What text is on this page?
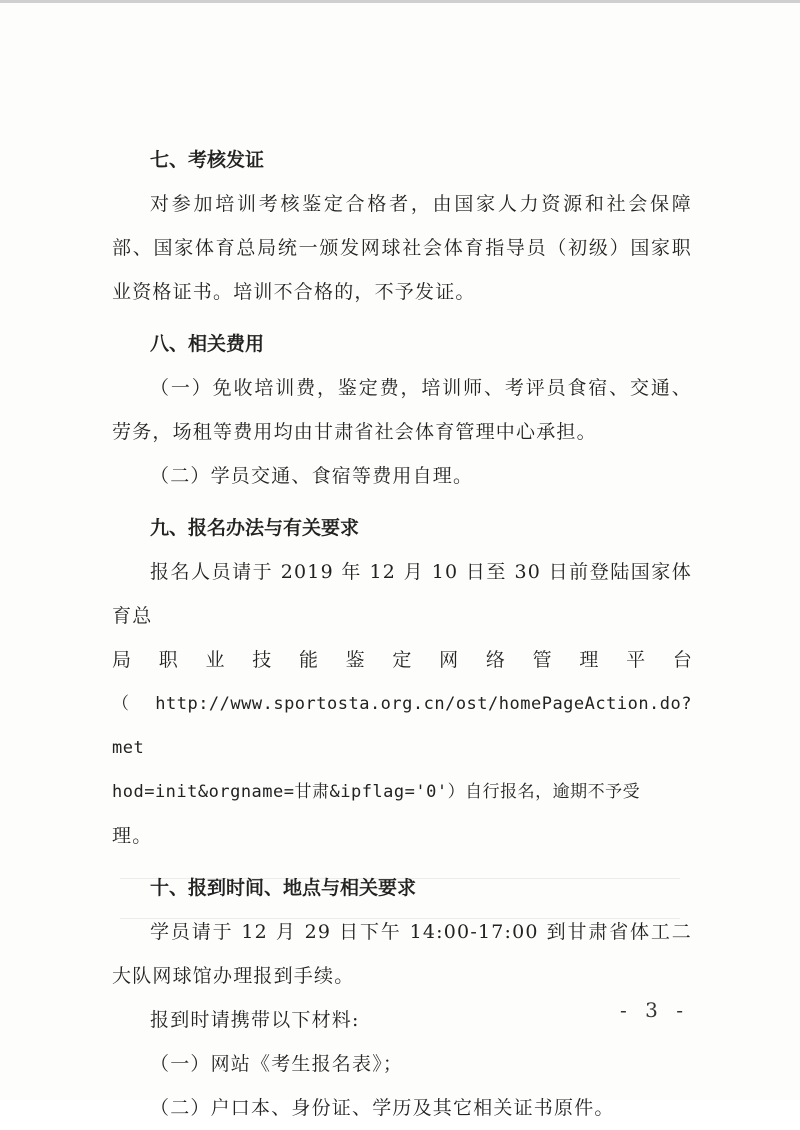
七、考核发证

对参加培训考核鉴定合格者，由国家人力资源和社会保障部、国家体育总局统一颁发网球社会体育指导员（初级）国家职业资格证书。培训不合格的，不予发证。

八、相关费用

（一）免收培训费，鉴定费，培训师、考评员食宿、交通、劳务，场租等费用均由甘肃省社会体育管理中心承担。

（二）学员交通、食宿等费用自理。

九、报名办法与有关要求

报名人员请于 2019 年 12 月 10 日至 30 日前登陆国家体育总

局 职 业 技 能 鉴 定 网 络 管 理 平 台

（http://www.sportosta.org.cn/ost/homePageAction.do?met

hod=init&orgname=甘肃&ipflag='0'）自行报名，逾期不予受

理。

十、报到时间、地点与相关要求

学员请于 12 月 29 日下午 14:00-17:00 到甘肃省体工二大队网球馆办理报到手续。

报到时请携带以下材料:

（一）网站《考生报名表》；

（二）户口本、身份证、学历及其它相关证书原件。

- 3 -
